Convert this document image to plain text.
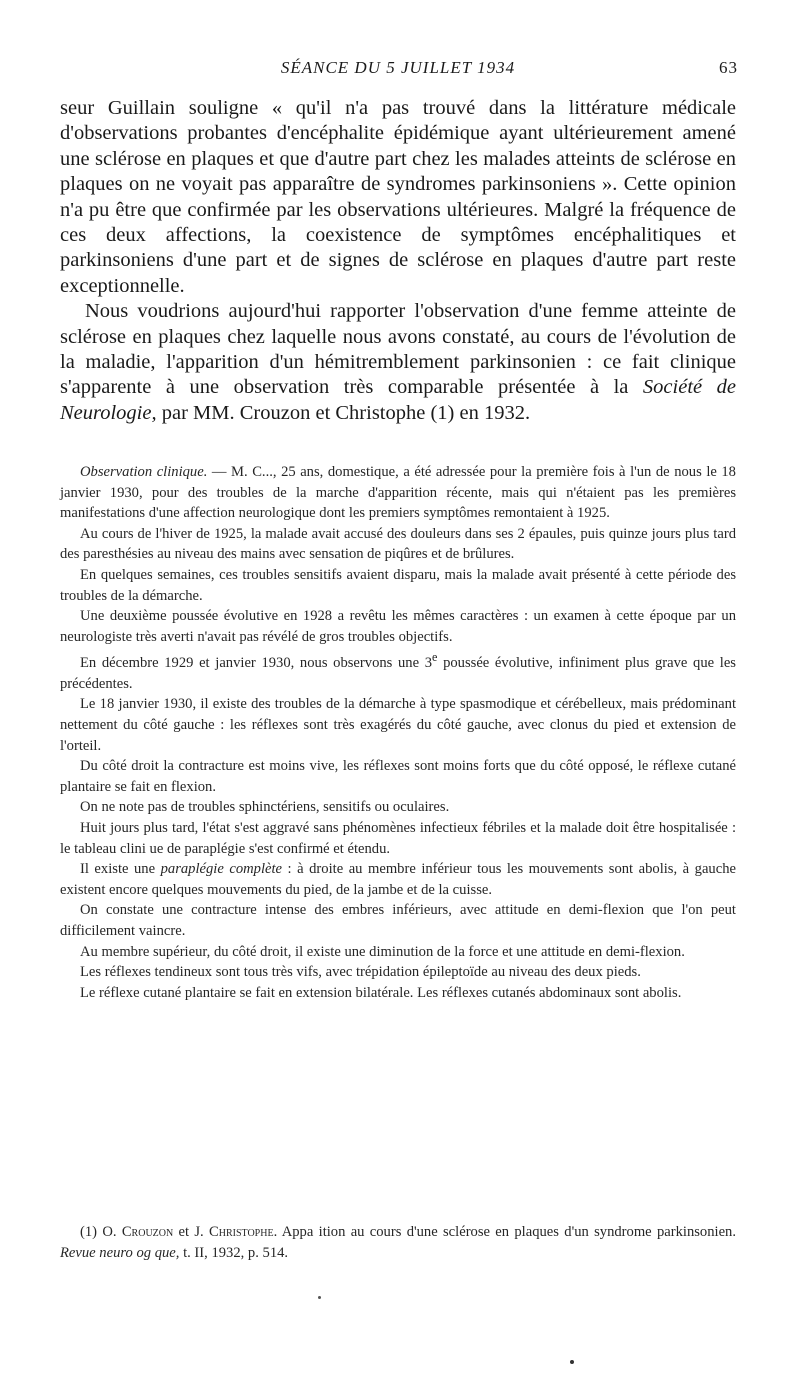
SÉANCE DU 5 JUILLET 1934	63

seur Guillain souligne « qu'il n'a pas trouvé dans la littérature médicale d'observations probantes d'encéphalite épidémique ayant ultérieurement amené une sclérose en plaques et que d'autre part chez les malades atteints de sclérose en plaques on ne voyait pas apparaître de syndromes parkinsoniens ». Cette opinion n'a pu être que confirmée par les observations ultérieures. Malgré la fréquence de ces deux affections, la coexistence de symptômes encéphalitiques et parkinsoniens d'une part et de signes de sclérose en plaques d'autre part reste exceptionnelle.

Nous voudrions aujourd'hui rapporter l'observation d'une femme atteinte de sclérose en plaques chez laquelle nous avons constaté, au cours de l'évolution de la maladie, l'apparition d'un hémitremblement parkinsonien : ce fait clinique s'apparente à une observation très comparable présentée à la Société de Neurologie, par MM. Crouzon et Christophe (1) en 1932.

Observation clinique. — M. C..., 25 ans, domestique, a été adressée pour la première fois à l'un de nous le 18 janvier 1930, pour des troubles de la marche d'apparition récente, mais qui n'étaient pas les premières manifestations d'une affection neurologique dont les premiers symptômes remontaient à 1925.

Au cours de l'hiver de 1925, la malade avait accusé des douleurs dans ses 2 épaules, puis quinze jours plus tard des paresthésies au niveau des mains avec sensation de piqûres et de brûlures.

En quelques semaines, ces troubles sensitifs avaient disparu, mais la malade avait présenté à cette période des troubles de la démarche.

Une deuxième poussée évolutive en 1928 a revêtu les mêmes caractères : un examen à cette époque par un neurologiste très averti n'avait pas révélé de gros troubles objectifs.

En décembre 1929 et janvier 1930, nous observons une 3e poussée évolutive, infiniment plus grave que les précédentes.

Le 18 janvier 1930, il existe des troubles de la démarche à type spasmodique et cérébelleux, mais prédominant nettement du côté gauche : les réflexes sont très exagérés du côté gauche, avec clonus du pied et extension de l'orteil.

Du côté droit la contracture est moins vive, les réflexes sont moins forts que du côté opposé, le réflexe cutané plantaire se fait en flexion.

On ne note pas de troubles sphinctériens, sensitifs ou oculaires.

Huit jours plus tard, l'état s'est aggravé sans phénomènes infectieux fébriles et la malade doit être hospitalisée : le tableau clini ue de paraplégie s'est confirmé et étendu.

Il existe une paraplégie complète : à droite au membre inférieur tous les mouvements sont abolis, à gauche existent encore quelques mouvements du pied, de la jambe et de la cuisse.

On constate une contracture intense des embres inférieurs, avec attitude en demi-flexion que l'on peut difficilement vaincre.

Au membre supérieur, du côté droit, il existe une diminution de la force et une attitude en demi-flexion.

Les réflexes tendineux sont tous très vifs, avec trépidation épileptoïde au niveau des deux pieds.

Le réflexe cutané plantaire se fait en extension bilatérale. Les réflexes cutanés abdominaux sont abolis.

(1) O. Crouzon et J. Christophe. Appa ition au cours d'une sclérose en plaques d'un syndrome parkinsonien. Revue neuro og que, t. II, 1932, p. 514.
